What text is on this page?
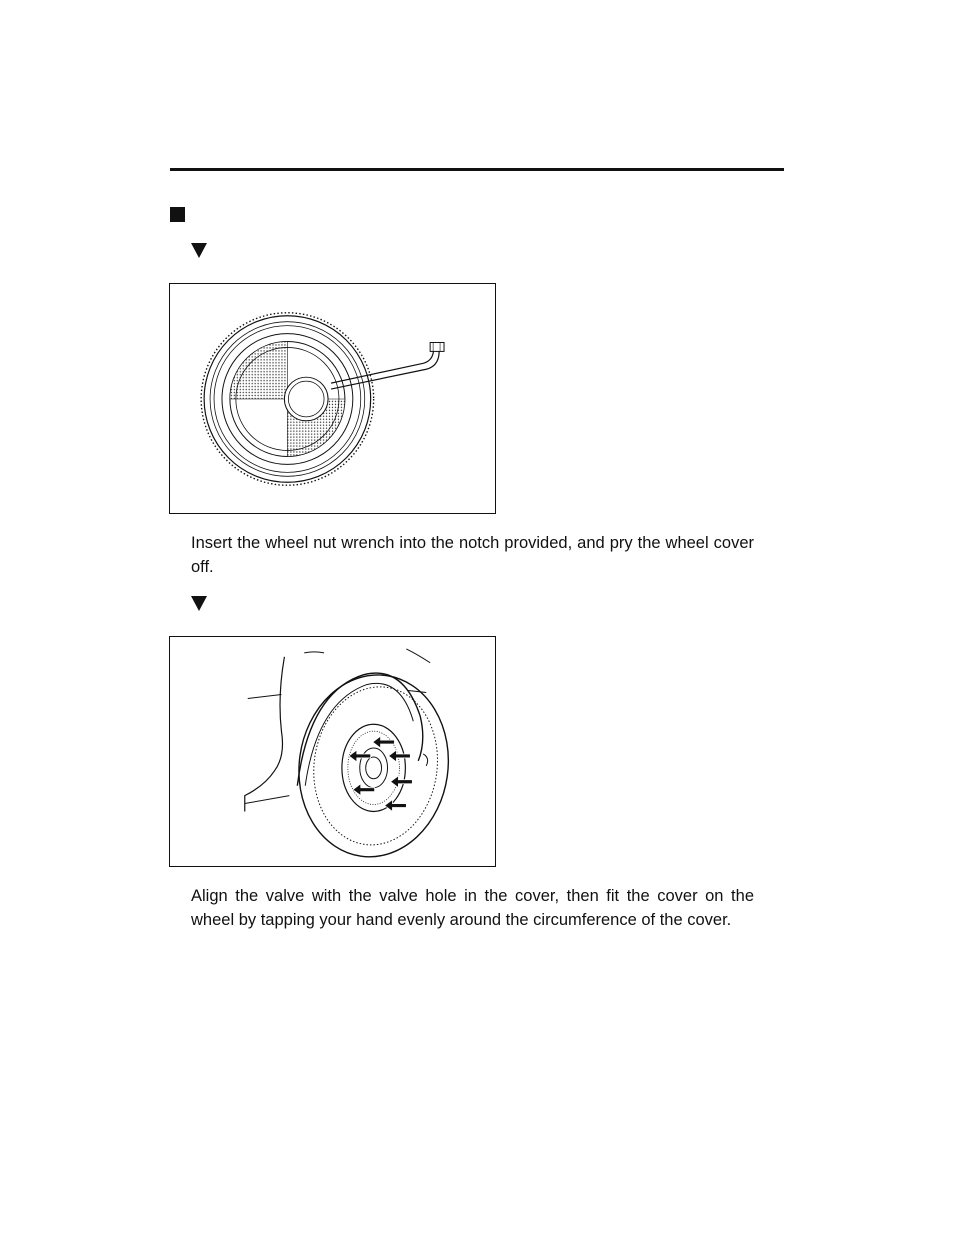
Insert the wheel nut wrench into the notch provided, and pry the wheel cover off.

Align the valve with the valve hole in the cover, then fit the cover on the wheel by tapping your hand evenly around the circumference of the cover.
